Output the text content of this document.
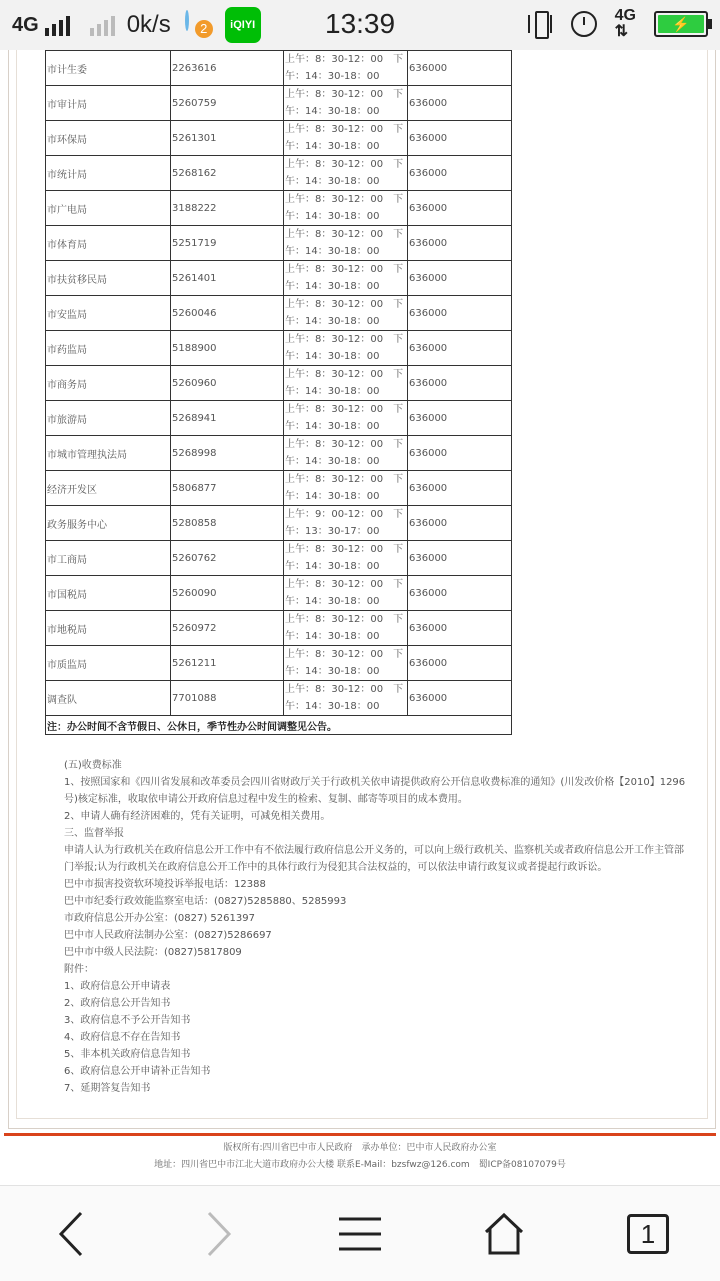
4G	0k/s	2	iQIYI 13:39	4G
⇅	⚡
市计生委	2263616	上午：8：30-12：00　下
午：14：30-18：00	636000
市审计局	5260759	上午：8：30-12：00　下
午：14：30-18：00	636000
市环保局	5261301	上午：8：30-12：00　下
午：14：30-18：00	636000
市统计局	5268162	上午：8：30-12：00　下
午：14：30-18：00	636000
市广电局	3188222	上午：8：30-12：00　下
午：14：30-18：00	636000
市体育局	5251719	上午：8：30-12：00　下
午：14：30-18：00	636000
市扶贫移民局	5261401	上午：8：30-12：00　下
午：14：30-18：00	636000
市安监局	5260046	上午：8：30-12：00　下
午：14：30-18：00	636000
市药监局	5188900	上午：8：30-12：00　下
午：14：30-18：00	636000
市商务局	5260960	上午：8：30-12：00　下
午：14：30-18：00	636000
市旅游局	5268941	上午：8：30-12：00　下
午：14：30-18：00	636000
市城市管理执法局	5268998	上午：8：30-12：00　下
午：14：30-18：00	636000
经济开发区	5806877	上午：8：30-12：00　下
午：14：30-18：00	636000
政务服务中心	5280858	上午：9：00-12：00　下
午：13：30-17：00	636000
市工商局	5260762	上午：8：30-12：00　下
午：14：30-18：00	636000
市国税局	5260090	上午：8：30-12：00　下
午：14：30-18：00	636000
市地税局	5260972	上午：8：30-12：00　下
午：14：30-18：00	636000
市质监局	5261211	上午：8：30-12：00　下
午：14：30-18：00	636000
调查队	7701088	上午：8：30-12：00　下
午：14：30-18：00	636000
注：办公时间不含节假日、公休日，季节性办公时间调整见公告。			

(五)收费标准

1、按照国家和《四川省发展和改革委员会四川省财政厅关于行政机关依申请提供政府公开信息收费标准的通知》(川发改价格【2010】1296号)核定标准，收取依申请公开政府信息过程中发生的检索、复制、邮寄等项目的成本费用。

2、申请人确有经济困难的，凭有关证明，可减免相关费用。

三、监督举报

申请人认为行政机关在政府信息公开工作中有不依法履行政府信息公开义务的，可以向上级行政机关、监察机关或者政府信息公开工作主管部门举报;认为行政机关在政府信息公开工作中的具体行政行为侵犯其合法权益的，可以依法申请行政复议或者提起行政诉讼。

巴中市损害投资软环境投诉举报电话：12388

巴中市纪委行政效能监察室电话：(0827)5285880、5285993

市政府信息公开办公室：(0827) 5261397

巴中市人民政府法制办公室：(0827)5286697

巴中市中级人民法院：(0827)5817809

附件：

1、政府信息公开申请表

2、政府信息公开告知书

3、政府信息不予公开告知书

4、政府信息不存在告知书

5、非本机关政府信息告知书

6、政府信息公开申请补正告知书

7、延期答复告知书

版权所有:四川省巴中市人民政府　承办单位：巴中市人民政府办公室
地址：四川省巴中市江北大道市政府办公大楼 联系E-Mail：bzsfwz@126.com　蜀ICP备08107079号
1
